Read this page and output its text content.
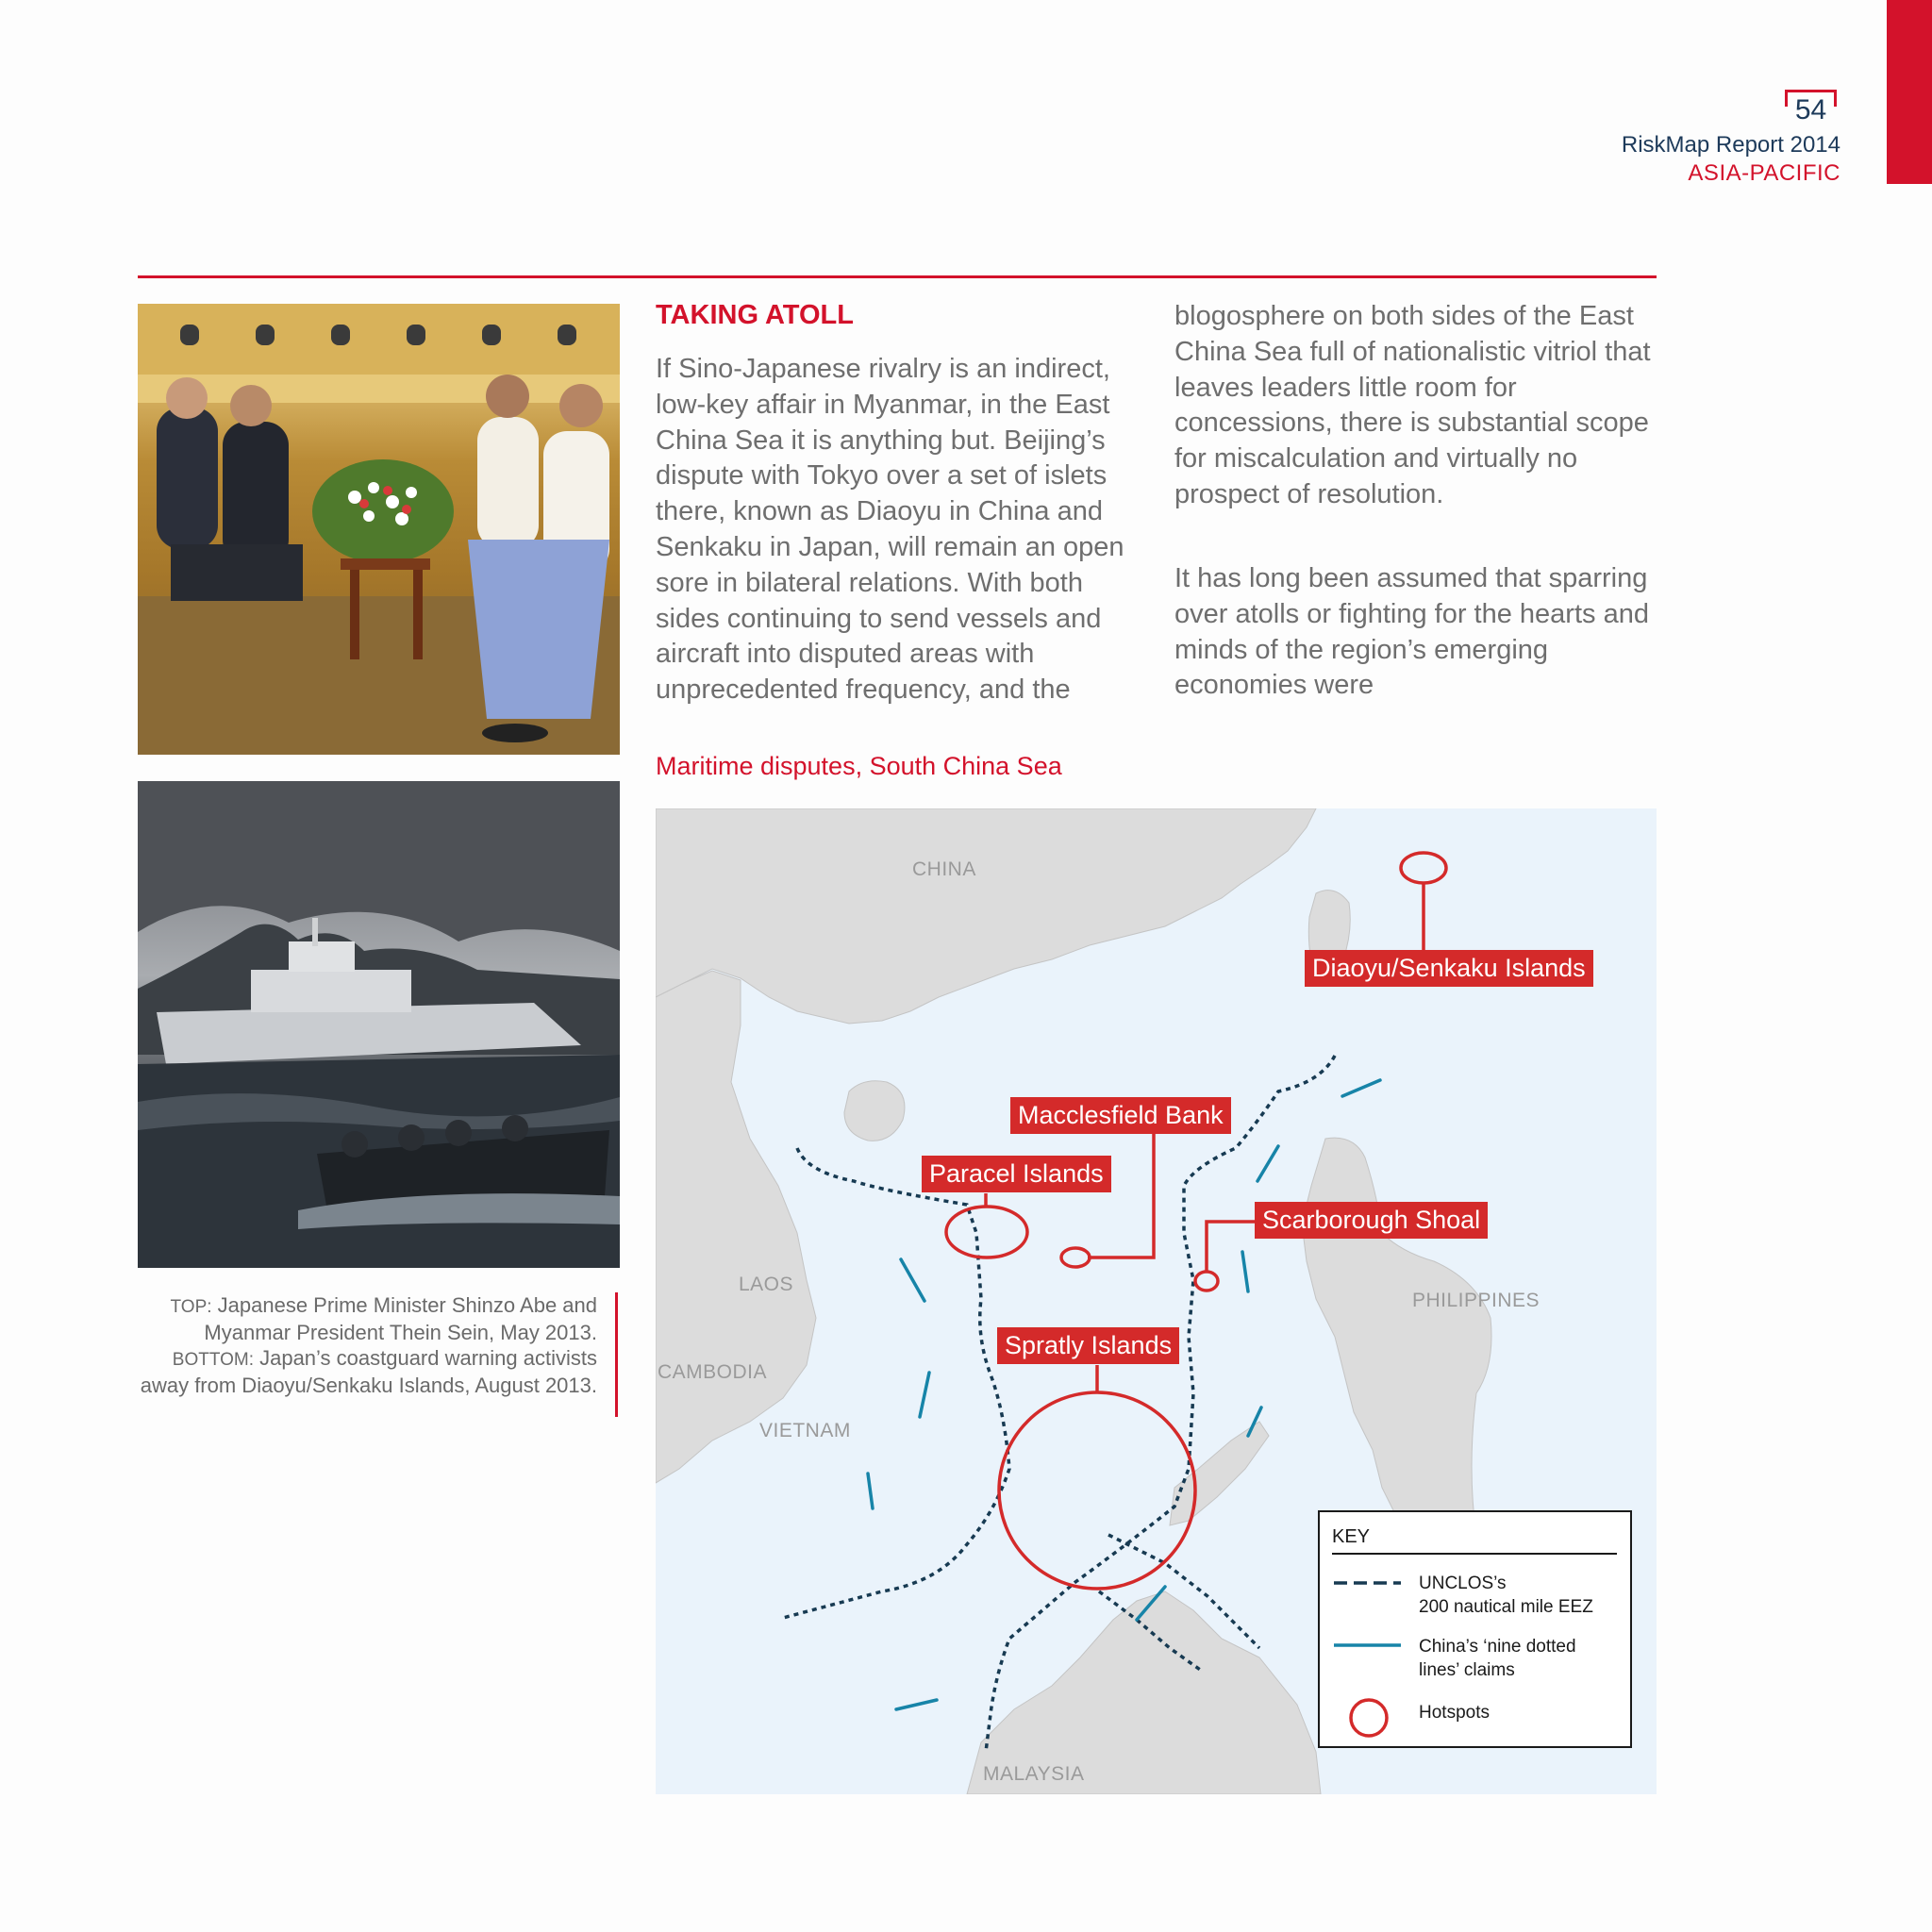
54
RiskMap Report 2014
ASIA-PACIFIC
TOP: Japanese Prime Minister Shinzo Abe and Myanmar President Thein Sein, May 2013.
BOTTOM: Japan’s coastguard warning activists away from Diaoyu/Senkaku Islands, August 2013.
TAKING ATOLL
If Sino-Japanese rivalry is an indirect, low-key affair in Myanmar, in the East China Sea it is anything but. Beijing’s dispute with Tokyo over a set of islets there, known as Diaoyu in China and Senkaku in Japan, will remain an open sore in bilateral relations. With both sides continuing to send vessels and aircraft into disputed areas with unprecedented frequency, and the
blogosphere on both sides of the East China Sea full of nationalistic vitriol that leaves leaders little room for concessions, there is substantial scope for miscalculation and virtually no prospect of resolution.
It has long been assumed that sparring over atolls or fighting for the hearts and minds of the region’s emerging economies were
Maritime disputes, South China Sea
CHINA
LAOS
CAMBODIA
VIETNAM
PHILIPPINES
MALAYSIA
Diaoyu/Senkaku Islands
Macclesfield Bank
Paracel Islands
Scarborough Shoal
Spratly Islands
KEY
UNCLOS’s
200 nautical mile EEZ
China’s ‘nine dotted
lines’ claims
Hotspots
